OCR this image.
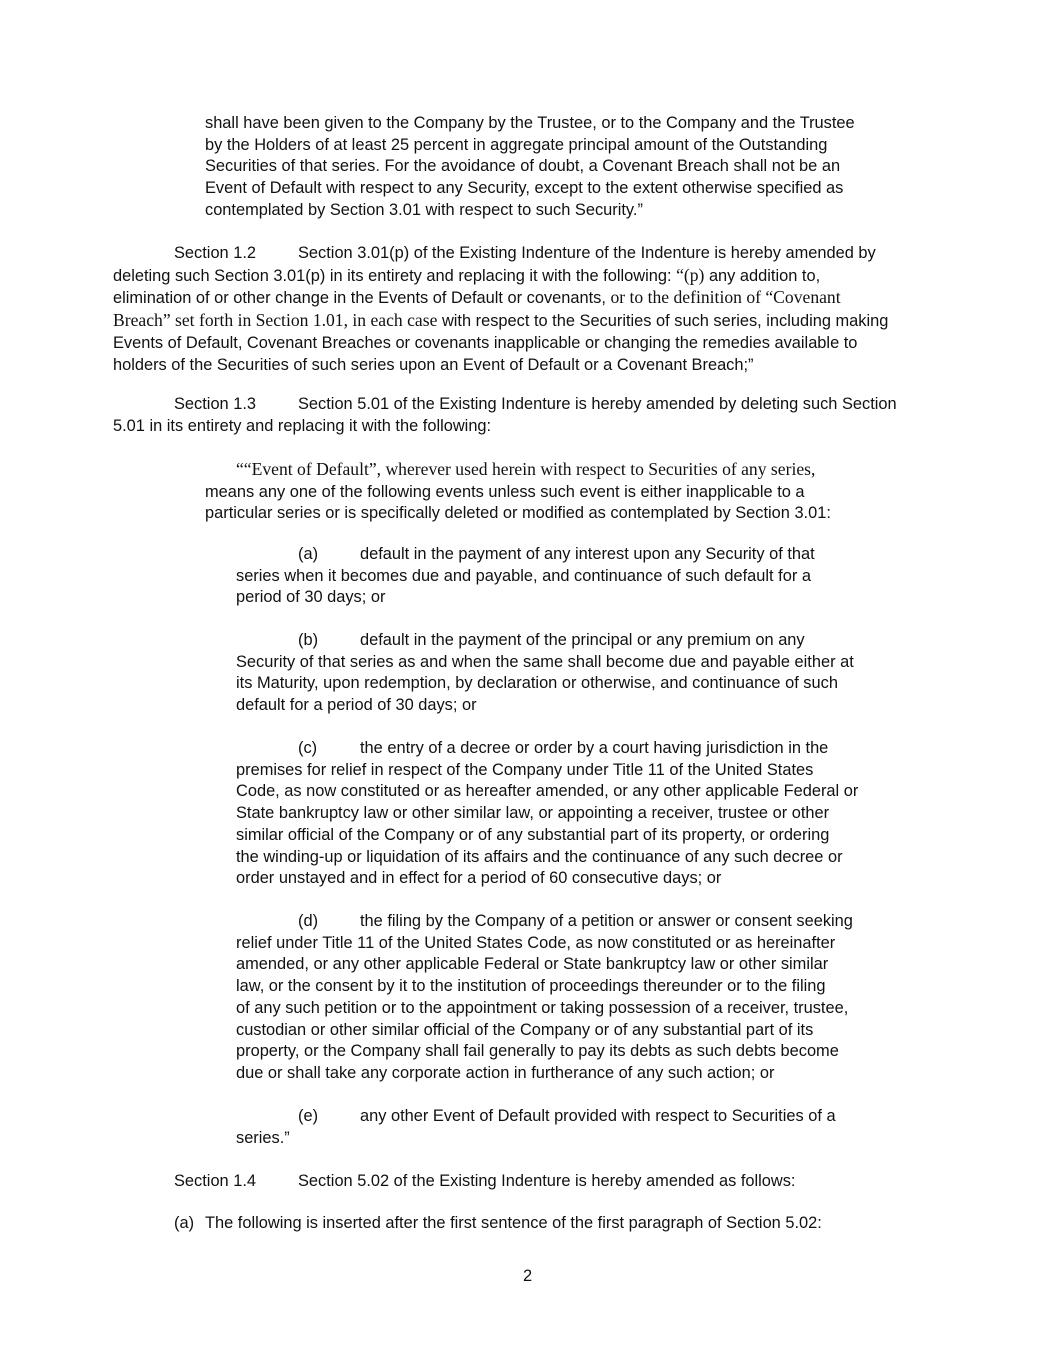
shall have been given to the Company by the Trustee, or to the Company and the Trustee
by the Holders of at least 25 percent in aggregate principal amount of the Outstanding
Securities of that series. For the avoidance of doubt, a Covenant Breach shall not be an
Event of Default with respect to any Security, except to the extent otherwise specified as
contemplated by Section 3.01 with respect to such Security.”
Section 1.2	Section 3.01(p) of the Existing Indenture of the Indenture is hereby amended by
deleting such Section 3.01(p) in its entirety and replacing it with the following: “(p) any addition to,
elimination of or other change in the Events of Default or covenants, or to the definition of “Covenant
Breach” set forth in Section 1.01, in each case with respect to the Securities of such series, including making
Events of Default, Covenant Breaches or covenants inapplicable or changing the remedies available to
holders of the Securities of such series upon an Event of Default or a Covenant Breach;”
Section 1.3	Section 5.01 of the Existing Indenture is hereby amended by deleting such Section
5.01 in its entirety and replacing it with the following:
““Event of Default”, wherever used herein with respect to Securities of any series,
means any one of the following events unless such event is either inapplicable to a
particular series or is specifically deleted or modified as contemplated by Section 3.01:
(a)	default in the payment of any interest upon any Security of that
series when it becomes due and payable, and continuance of such default for a
period of 30 days; or
(b)	default in the payment of the principal or any premium on any
Security of that series as and when the same shall become due and payable either at
its Maturity, upon redemption, by declaration or otherwise, and continuance of such
default for a period of 30 days; or
(c)	the entry of a decree or order by a court having jurisdiction in the
premises for relief in respect of the Company under Title 11 of the United States
Code, as now constituted or as hereafter amended, or any other applicable Federal or
State bankruptcy law or other similar law, or appointing a receiver, trustee or other
similar official of the Company or of any substantial part of its property, or ordering
the winding-up or liquidation of its affairs and the continuance of any such decree or
order unstayed and in effect for a period of 60 consecutive days; or
(d)	the filing by the Company of a petition or answer or consent seeking
relief under Title 11 of the United States Code, as now constituted or as hereinafter
amended, or any other applicable Federal or State bankruptcy law or other similar
law, or the consent by it to the institution of proceedings thereunder or to the filing
of any such petition or to the appointment or taking possession of a receiver, trustee,
custodian or other similar official of the Company or of any substantial part of its
property, or the Company shall fail generally to pay its debts as such debts become
due or shall take any corporate action in furtherance of any such action; or
(e)	any other Event of Default provided with respect to Securities of a
series.”
Section 1.4	Section 5.02 of the Existing Indenture is hereby amended as follows:
(a) The following is inserted after the first sentence of the first paragraph of Section 5.02:
2
